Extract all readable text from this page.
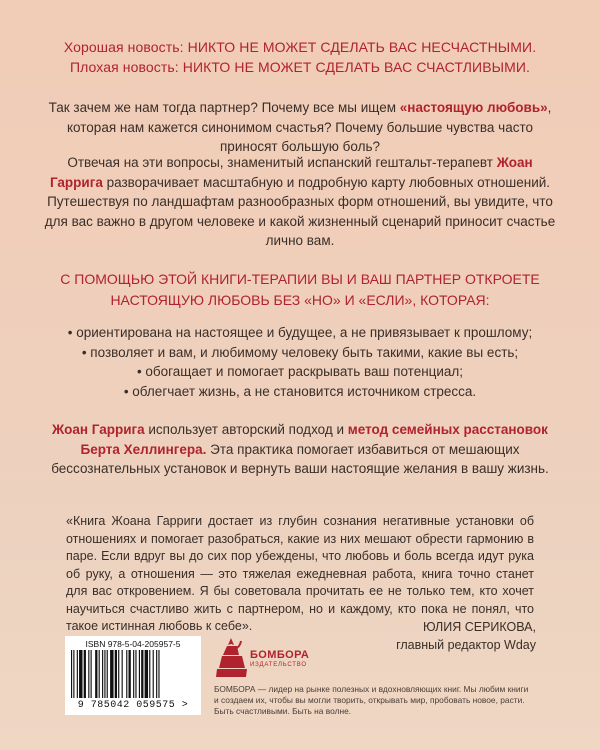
Хорошая новость: НИКТО НЕ МОЖЕТ СДЕЛАТЬ ВАС НЕСЧАСТНЫМИ.
Плохая новость: НИКТО НЕ МОЖЕТ СДЕЛАТЬ ВАС СЧАСТЛИВЫМИ.
Так зачем же нам тогда партнер? Почему все мы ищем «настоящую любовь», которая нам кажется синонимом счастья? Почему большие чувства часто приносят большую боль?
Отвечая на эти вопросы, знаменитый испанский гештальт-терапевт Жоан Гаррига разворачивает масштабную и подробную карту любовных отношений. Путешествуя по ландшафтам разнообразных форм отношений, вы увидите, что для вас важно в другом человеке и какой жизненный сценарий приносит счастье лично вам.
С ПОМОЩЬЮ ЭТОЙ КНИГИ-ТЕРАПИИ ВЫ И ВАШ ПАРТНЕР ОТКРОЕТЕ
НАСТОЯЩУЮ ЛЮБОВЬ БЕЗ «НО» И «ЕСЛИ», КОТОРАЯ:
• ориентирована на настоящее и будущее, а не привязывает к прошлому;
• позволяет и вам, и любимому человеку быть такими, какие вы есть;
• обогащает и помогает раскрывать ваш потенциал;
• облегчает жизнь, а не становится источником стресса.
Жоан Гаррига использует авторский подход и метод семейных расстановок Берта Хеллингера. Эта практика помогает избавиться от мешающих бессознательных установок и вернуть ваши настоящие желания в вашу жизнь.
«Книга Жоана Гарриги достает из глубин сознания негативные установки об отношениях и помогает разобраться, какие из них мешают обрести гармонию в паре. Если вдруг вы до сих пор убеждены, что любовь и боль всегда идут рука об руку, а отношения — это тяжелая ежедневная работа, книга точно станет для вас откровением. Я бы советовала прочитать ее не только тем, кто хочет научиться счастливо жить с партнером, но и каждому, кто пока не понял, что такое истинная любовь к себе».	ЮЛИЯ СЕРИКОВА,
главный редактор Wday
ISBN 978-5-04-205957-5
9 785042 059575 >
БОМБОРА
ИЗДАТЕЛЬСТВО
БОМБОРА — лидер на рынке полезных и вдохновляющих книг. Мы любим книги и создаем их, чтобы вы могли творить, открывать мир, пробовать новое, расти. Быть счастливыми. Быть на волне.
